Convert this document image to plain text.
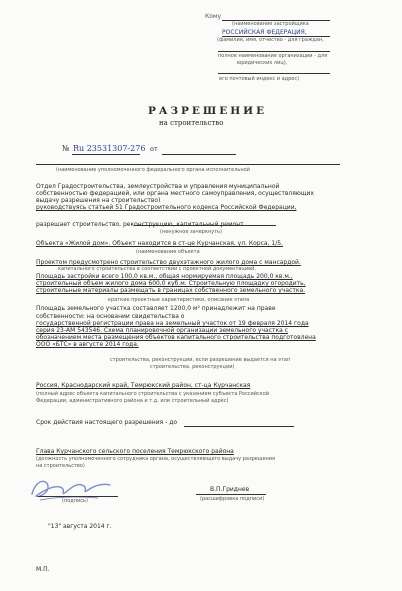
Кому
(наименование застройщика
РОССИЙСКАЯ ФЕДЕРАЦИЯ,
(фамилия, имя, отчество - для граждан,
полное наименование организации - для
юридических лиц),
его почтовый индекс и адрес)
РАЗРЕШЕНИЕ
на строительство
№ Ru 23531307-276 от
(наименование уполномоченного федерального органа исполнительной
Отдел Градостроительства, землеустройства и управления муниципальной
собственностью федерацией, или органа местного самоуправления, осуществляющих
выдачу разрешения на строительство)
руководствуясь статьей 51 Градостроительного кодекса Российской Федерации,
разрешает строительство, реконструкцию, капитальный ремонт
(ненужное зачеркнуть)
Объекта «Жилой дом». Объект находится в ст-це Курчанская, ул. Корса, 1/5.
(наименование объекта
Проектом предусмотрено строительство двухэтажного жилого дома с мансардой.
капитального строительства в соответствии с проектной документацией,
Площадь застройки всего 100,0 кв.м., общая нормируемая площадь 200,0 кв.м.,
строительный объем жилого дома 600,0 куб.м. Строительную площадку огородить,
строительные материалы размещать в границах собственного земельного участка.
краткие проектные характеристики, описание этапа
Площадь земельного участка составляет 1200,0 м² принадлежит на праве
собственности: на основании свидетельства о
государственной регистрации права на земельный участок от 19 февраля 2014 года
серия 23-АМ 543546. Схема планировочной организации земельного участка с
обозначением места размещения объектов капитального строительства подготовлена
ООО «БТС» в августе 2014 года.
строительства, реконструкции, если разрешение выдается на этап
строительства, реконструкции)
Россия, Краснодарский край, Темрюкский район, ст-ца Курчанская
(полный адрес объекта капитального строительства с указанием субъекта Российской
Федерации, административного района и т.д. или строительный адрес)
Срок действия настоящего разрешения - до
Глава Курчанского сельского поселения Темрюкского района
(должность уполномоченного сотрудника органа, осуществляющего выдачу разрешения
на строительство)
(подпись)
В.П.Гриднев
(расшифровка подписи)
"13" августа 2014 г.
М.П.
